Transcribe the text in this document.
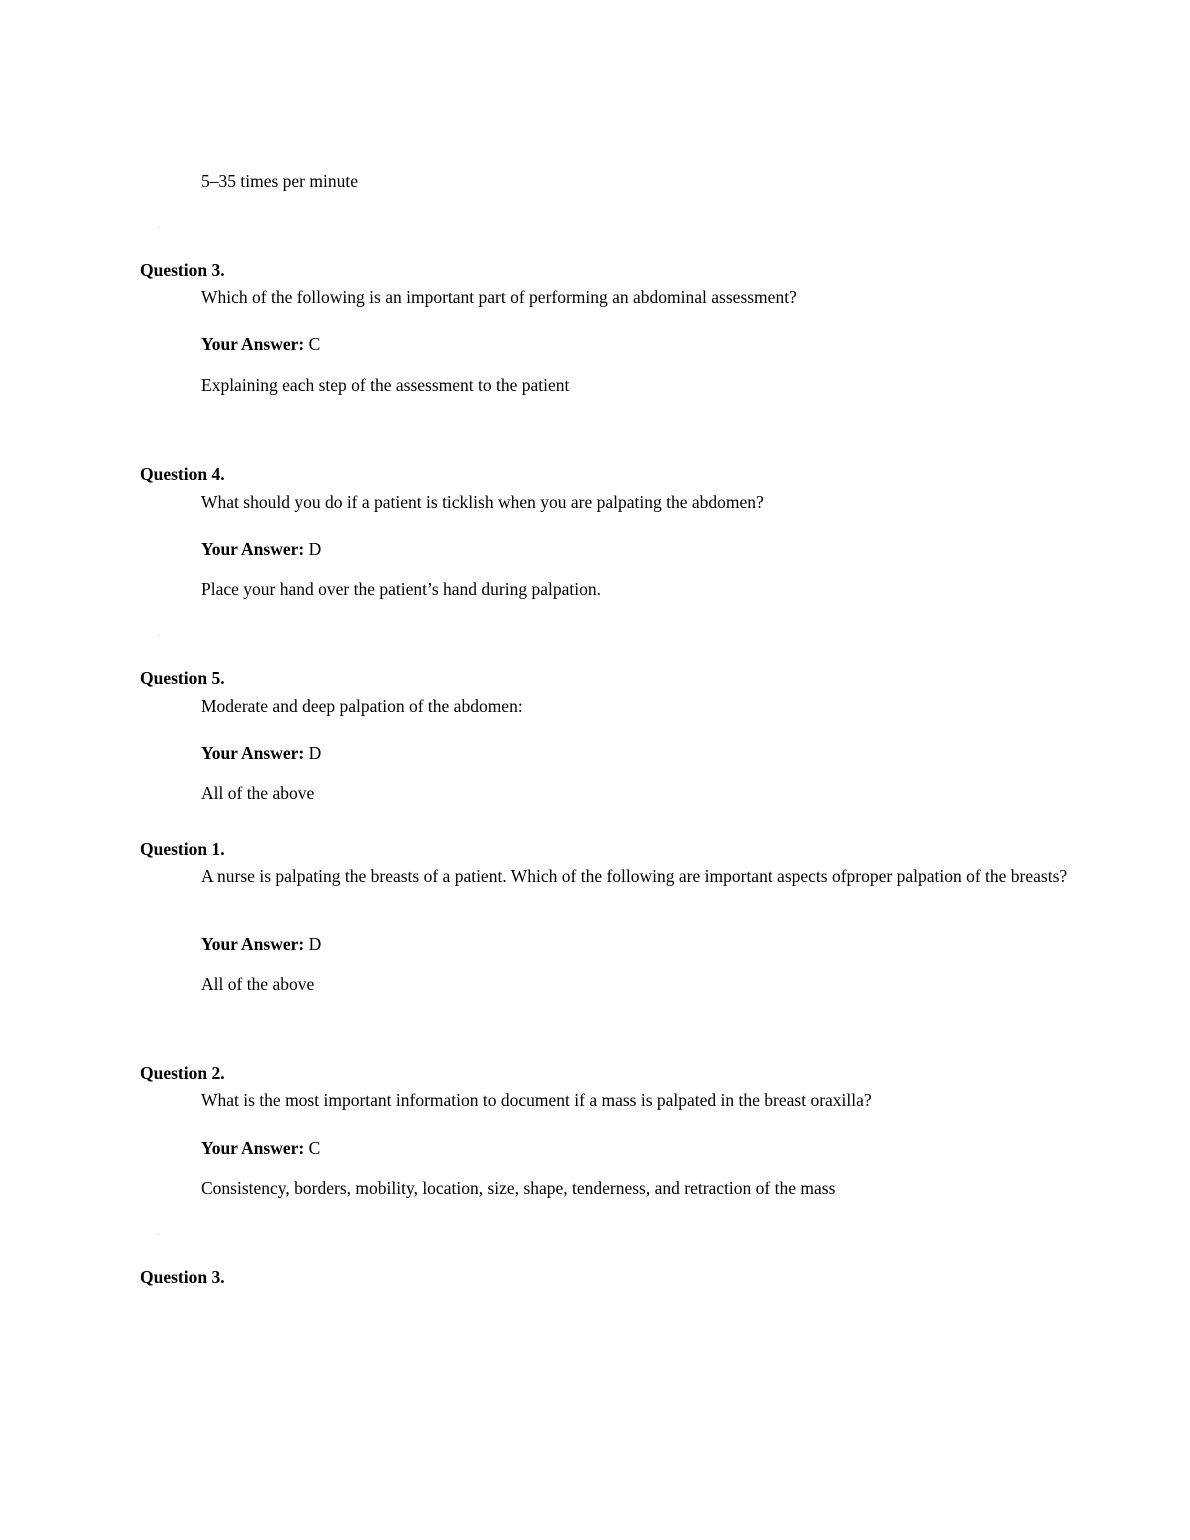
5–35 times per minute
Question 3.
Which of the following is an important part of performing an abdominal assessment?
Your Answer: C
Explaining each step of the assessment to the patient
Question 4.
What should you do if a patient is ticklish when you are palpating the abdomen?
Your Answer: D
Place your hand over the patient’s hand during palpation.
Question 5.
Moderate and deep palpation of the abdomen:
Your Answer: D
All of the above
Question 1.
A nurse is palpating the breasts of a patient. Which of the following are important aspects ofproper palpation of the breasts?
Your Answer: D
All of the above
Question 2.
What is the most important information to document if a mass is palpated in the breast oraxilla?
Your Answer: C
Consistency, borders, mobility, location, size, shape, tenderness, and retraction of the mass
Question 3.
